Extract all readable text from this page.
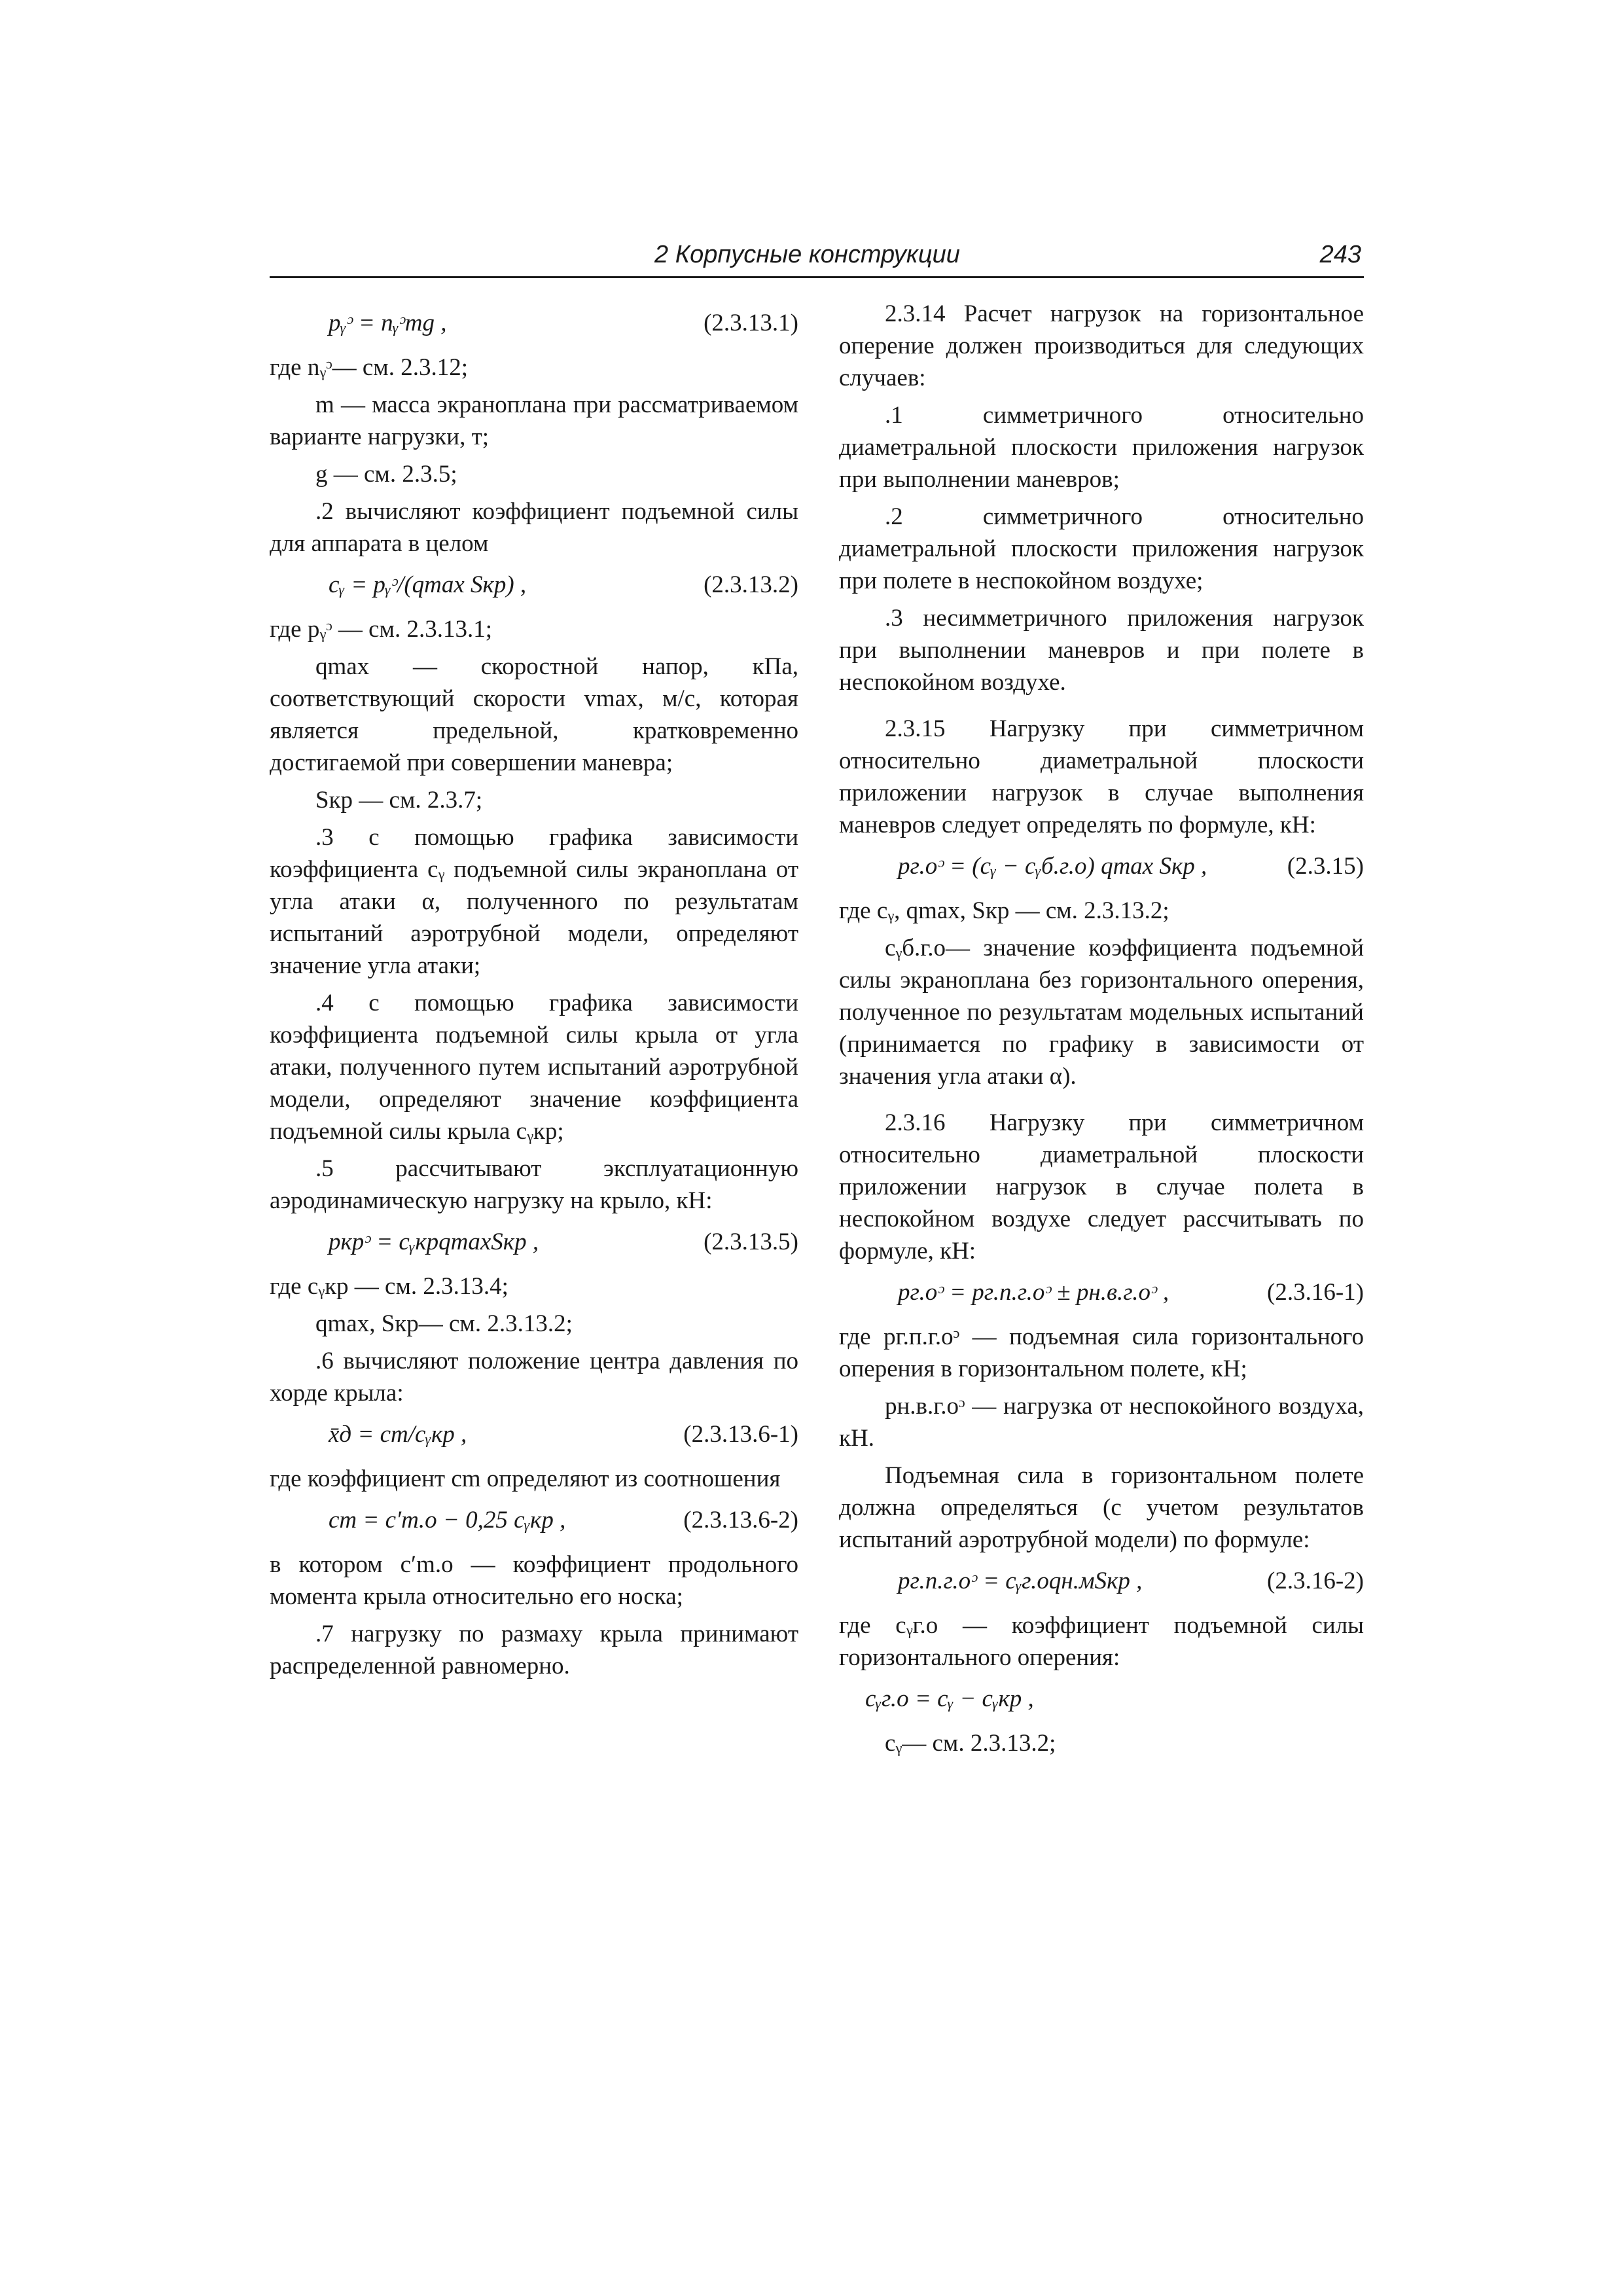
2 Корпусные конструкции	243
pᵧᵓ = nᵧᵓmg ,	(2.3.13.1)

где nᵧᵓ— см. 2.3.12;

m — масса экраноплана при рассматриваемом варианте нагрузки, т;

g — см. 2.3.5;

.2 вычисляют коэффициент подъемной силы для аппарата в целом

cᵧ = pᵧᵓ/(qmax Sкр) ,	(2.3.13.2)

где pᵧᵓ — см. 2.3.13.1;

qmax — скоростной напор, кПа, соответствующий скорости vmax, м/с, которая является предельной, кратковременно достигаемой при совершении маневра;

Sкр — см. 2.3.7;

.3 с помощью графика зависимости коэффициента cᵧ подъемной силы экраноплана от угла атаки α, полученного по результатам испытаний аэротрубной модели, определяют значение угла атаки;

.4 с помощью графика зависимости коэффициента подъемной силы крыла от угла атаки, полученного путем испытаний аэротрубной модели, определяют значение коэффициента подъемной силы крыла cᵧкр;

.5 рассчитывают эксплуатационную аэродинамическую нагрузку на крыло, кН:

pкрᵓ = cᵧкрqmaxSкр ,	(2.3.13.5)

где cᵧкр — см. 2.3.13.4;

qmax, Sкр— см. 2.3.13.2;

.6 вычисляют положение центра давления по хорде крыла:

x̄д = cm/cᵧкр ,	(2.3.13.6-1)

где коэффициент cm определяют из соотношения

cm = c′m.o − 0,25 cᵧкр ,	(2.3.13.6-2)

в котором c′m.o — коэффициент продольного момента крыла относительно его носка;

.7 нагрузку по размаху крыла принимают распределенной равномерно.

2.3.14 Расчет нагрузок на горизонтальное оперение должен производиться для следующих случаев:

.1 симметричного относительно диаметральной плоскости приложения нагрузок при выполнении маневров;

.2 симметричного относительно диаметральной плоскости приложения нагрузок при полете в неспокойном воздухе;

.3 несимметричного приложения нагрузок при выполнении маневров и при полете в неспокойном воздухе.

2.3.15 Нагрузку при симметричном относительно диаметральной плоскости приложении нагрузок в случае выполнения маневров следует определять по формуле, кН:

pг.оᵓ = (cᵧ − cᵧб.г.о) qmax Sкр ,	(2.3.15)

где cᵧ, qmax, Sкр — см. 2.3.13.2;

cᵧб.г.о— значение коэффициента подъемной силы экраноплана без горизонтального оперения, полученное по результатам модельных испытаний (принимается по графику в зависимости от значения угла атаки α).

2.3.16 Нагрузку при симметричном относительно диаметральной плоскости приложении нагрузок в случае полета в неспокойном воздухе следует рассчитывать по формуле, кН:

pг.оᵓ = pг.п.г.оᵓ ± pн.в.г.оᵓ ,	(2.3.16-1)

где pг.п.г.оᵓ — подъемная сила горизонтального оперения в горизонтальном полете, кН;

pн.в.г.оᵓ — нагрузка от неспокойного воздуха, кН.

Подъемная сила в горизонтальном полете должна определяться (с учетом результатов испытаний аэротрубной модели) по формуле:

pг.п.г.оᵓ = cᵧг.оqн.мSкр ,	(2.3.16-2)

где cᵧг.о — коэффициент подъемной силы горизонтального оперения:

cᵧг.о = cᵧ − cᵧкр ,

cᵧ— см. 2.3.13.2;
